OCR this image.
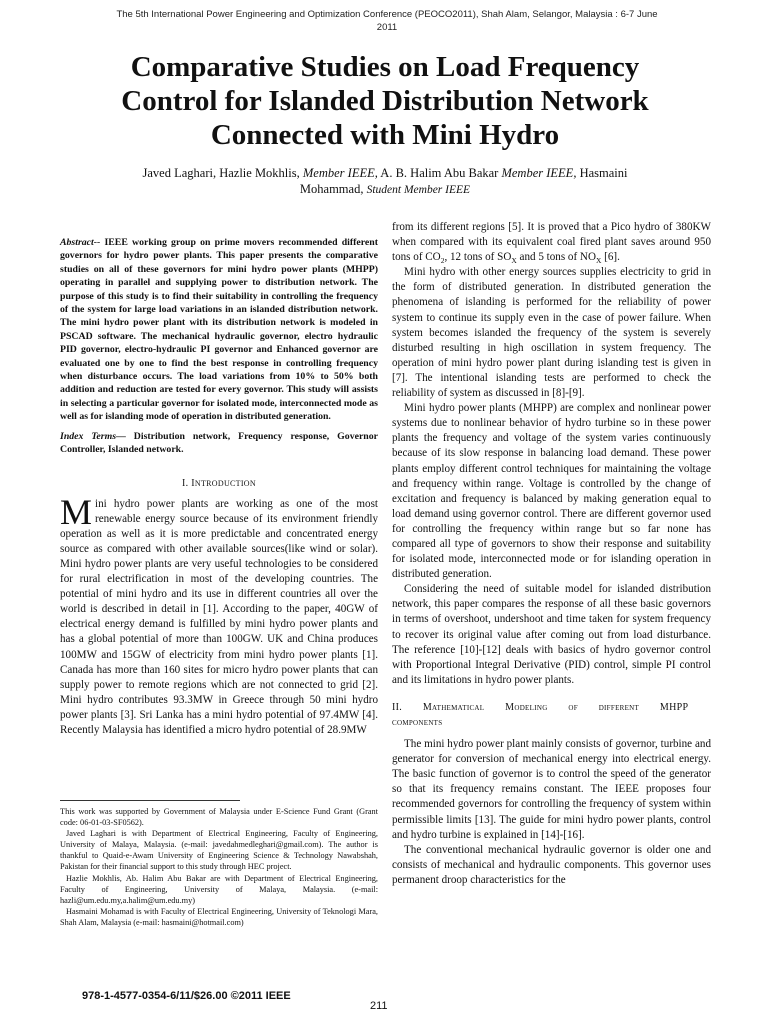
The 5th International Power Engineering and Optimization Conference (PEOCO2011), Shah Alam, Selangor, Malaysia : 6-7 June
2011
Comparative Studies on Load Frequency
Control for Islanded Distribution Network
Connected with Mini Hydro
Javed Laghari, Hazlie Mokhlis, Member IEEE, A. B. Halim Abu Bakar Member IEEE, Hasmaini
Mohammad, Student Member IEEE

Abstract-- IEEE working group on prime movers recommended different governors for hydro power plants. This paper presents the comparative studies on all of these governors for mini hydro power plants (MHPP) operating in parallel and supplying power to distribution network. The purpose of this study is to find their suitability in controlling the frequency of the system for large load variations in an islanded distribution network. The mini hydro power plant with its distribution network is modeled in PSCAD software. The mechanical hydraulic governor, electro hydraulic PID governor, electro-hydraulic PI governor and Enhanced governor are evaluated one by one to find the best response in controlling frequency when disturbance occurs. The load variations from 10% to 50% both addition and reduction are tested for every governor. This study will assists in selecting a particular governor for isolated mode, interconnected mode as well as for islanding mode of operation in distributed generation.

Index Terms— Distribution network, Frequency response, Governor Controller, Islanded network.

I. INTRODUCTION

Mini hydro power plants are working as one of the most renewable energy source because of its environment friendly operation as well as it is more predictable and concentrated energy source as compared with other available sources(like wind or solar). Mini hydro power plants are very useful technologies to be considered for rural electrification in most of the developing countries. The potential of mini hydro and its use in different countries all over the world is described in detail in [1]. According to the paper, 40GW of electrical energy demand is fulfilled by mini hydro power plants and has a global potential of more than 100GW. UK and China produces 100MW and 15GW of electricity from mini hydro power plants [1]. Canada has more than 160 sites for micro hydro power plants that can supply power to remote regions which are not connected to grid [2]. Mini hydro contributes 93.3MW in Greece through 50 mini hydro power plants [3]. Sri Lanka has a mini hydro potential of 97.4MW [4]. Recently Malaysia has identified a micro hydro potential of 28.9MW

from its different regions [5]. It is proved that a Pico hydro of 380KW when compared with its equivalent coal fired plant saves around 950 tons of $CO_2$, 12 tons of $SO_X$ and 5 tons of $NO_X$ [6].

Mini hydro with other energy sources supplies electricity to grid in the form of distributed generation. In distributed generation the phenomena of islanding is performed for the reliability of power system to continue its supply even in the case of power failure. When system becomes islanded the frequency of the system is severely disturbed resulting in high oscillation in system frequency. The operation of mini hydro power plant during islanding test is given in [7]. The intentional islanding tests are performed to check the reliability of system as discussed in [8]-[9].

Mini hydro power plants (MHPP) are complex and nonlinear power systems due to nonlinear behavior of hydro turbine so in these power plants the frequency and voltage of the system varies continuously because of its slow response in balancing load demand. These power plants employ different control techniques for maintaining the voltage and frequency within range. Voltage is controlled by the change of excitation and frequency is balanced by making generation equal to load demand using governor control. There are different governor used for controlling the frequency within range but so far none has compared all type of governors to show their response and suitability for isolated mode, interconnected mode or for islanding operation in distributed generation.

Considering the need of suitable model for islanded distribution network, this paper compares the response of all these basic governors in terms of overshoot, undershoot and time taken for system frequency to recover its original value after coming out from load disturbance. The reference [10]-[12] deals with basics of hydro governor control with Proportional Integral Derivative (PID) control, simple PI control and its limitations in hydro power plants.

II. Mathematical Modeling of different MHPP components

The mini hydro power plant mainly consists of governor, turbine and generator for conversion of mechanical energy into electrical energy. The basic function of governor is to control the speed of the generator so that its frequency remains constant. The IEEE proposes four recommended governors for controlling the frequency of system within permissible limits [13]. The guide for mini hydro power plants, control and hydro turbine is explained in [14]-[16].

The conventional mechanical hydraulic governor is older one and consists of mechanical and hydraulic components. This governor uses permanent droop characteristics for the

This work was supported by Government of Malaysia under E-Science Fund Grant (Grant code: 06-01-03-SF0562).

Javed Laghari is with Department of Electrical Engineering, Faculty of Engineering, University of Malaya, Malaysia. (e-mail: javedahmedleghari@gmail.com). The author is thankful to Quaid-e-Awam University of Engineering Science & Technology Nawabshah, Pakistan for their financial support to this study through HEC project.

Hazlie Mokhlis, Ab. Halim Abu Bakar are with Department of Electrical Engineering, Faculty of Engineering, University of Malaya, Malaysia. (e-mail: hazli@um.edu.my,a.halim@um.edu.my)

Hasmaini Mohamad is with Faculty of Electrical Engineering, University of Teknologi Mara, Shah Alam, Malaysia (e-mail: hasmaini@hotmail.com)

978-1-4577-0354-6/11/$26.00 ©2011 IEEE
211
